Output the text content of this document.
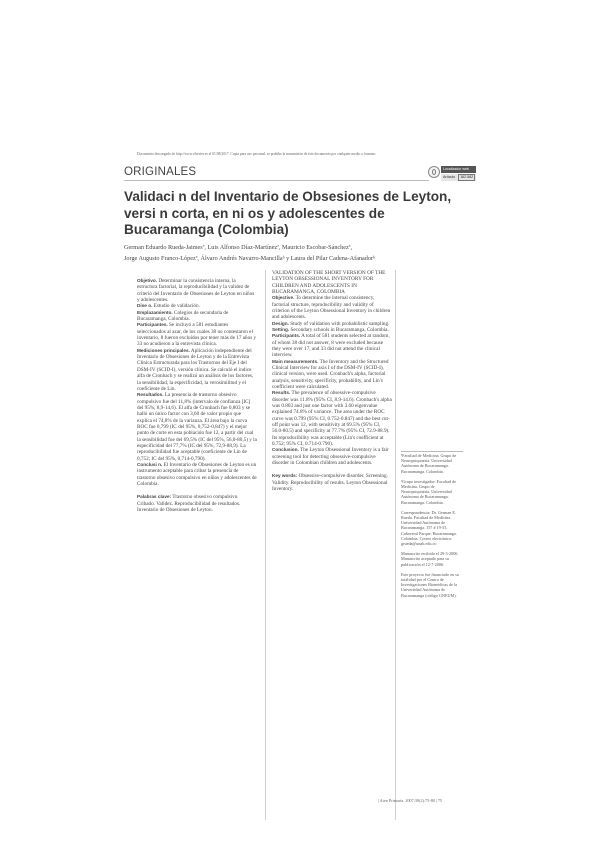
Documento descargado de http://www.elsevier.es el 01/08/2017. Copia para uso personal, se prohíbe la transmisión de este documento por cualquier medio o formato.
ORIGINALES	Localizador web
Artículo 162.582
Validaci n del Inventario de Obsesiones de Leyton, versi n corta, en ni os y adolescentes de Bucaramanga (Colombia)
German Eduardo Rueda-Jaimesª, Luis Alfonso Díaz-Martínezª, Mauricio Escobar-Sánchezª,
Jorge Augusto Franco-Lópezª, Álvaro Andrés Navarro-Mancillaᵇ y Laura del Pilar Cadena-Afanadorᵇ

Objetivo. Determinar la consistencia interna, la estructura factorial, la reproducibilidad y la validez de criterio del Inventario de Obsesiones de Leyton en niños y adolescentes.

Dise o. Estudio de validación.

Emplazamiento. Colegios de secundaria de Bucaramanga, Colombia.

Participantes. Se incluyó a 581 estudiantes seleccionados al azar, de los cuales 38 no contestaron el inventario, 8 fueron excluidos por tener más de 17 años y 33 no acudieron a la entrevista clínica.

Mediciones principales. Aplicación independiente del Inventario de Obsesiones de Leyton y de la Entrevista Clínica Estructurada para los Trastornos del Eje I del DSM-IV (SCID-I), versión clínica. Se calculó el índice alfa de Cronbach y se realizó un análisis de los factores, la sensibilidad, la especificidad, la verosimilitud y el coeficiente de Lin.

Resultados. La presencia de trastorno obsesivo compulsivo fue del 11,8% (intervalo de confianza [IC] del 95%, 8,9-14,6). El alfa de Cronbach fue 0,803 y se halló un único factor con 3,60 de valor propio que explica el 74,8% de la varianza. El área bajo la curva ROC fue 0,799 (IC del 95%, 0,752-0,847) y el mejor punto de corte en esta población fue 12, a partir del cual la sensibilidad fue del 69,5% (IC del 95%, 56,0-80,5) y la especificidad del 77,7% (IC del 95%, 72,9-88,9). La reproducibilidad fue aceptable (coeficiente de Lin de 0,752; IC del 95%, 0,714-0,790).

Conclusi n. El Inventario de Obsesiones de Leyton es un instrumento aceptable para cribar la presencia de trastorno obsesivo compulsivo en niños y adolescentes de Colombia.

Palabras clave: Trastorno obsesivo compulsivo. Cribado. Validez. Reproducibilidad de resultados. Inventario de Obsesiones de Leyton.

VALIDATION OF THE SHORT VERSION OF THE LEYTON OBSESSIONAL INVENTORY FOR CHILDREN AND ADOLESCENTS IN BUCARAMANGA, COLOMBIA

Objective. To determine the internal consistency, factorial structure, reproducibility and validity of criterion of the Leyton Obsessional Inventory in children and adolescents.

Design. Study of validation with probabilistic sampling.

Setting. Secondary schools in Bucaramanga, Colombia.

Participants. A total of 581 students selected at random, of whom 38 did not answer, 8 were excluded because they were over 17, and 33 did not attend the clinical interview.

Main measurements. The Inventory and the Structured Clinical Interview for axis I of the DSM-IV (SCID-I), clinical version, were used. Cronbach's alpha, factorial analysis, sensitivity, specificity, probability, and Lin's coefficient were calculated.

Results. The prevalence of obsessive-compulsive disorder was 11.8% (95% CI, 8.9-14.6). Cronbach's alpha was 0.803 and just one factor with 3.60 eigenvalue explained 74.8% of variance. The area under the ROC curve was 0.799 (95% CI, 0.752-0.847) and the best cut-off point was 12, with sensitivity at 69.5% (95% CI, 56.0-80.5) and specificity at 77.7% (95% CI, 72.9-88.9). Its reproducibility was acceptable (Lin's coefficient at 0.752; 95% CI, 0.714-0.790).

Conclusion. The Leyton Obsessional Inventory is a fair screening tool for detecting obsessive-compulsive disorder in Colombian children and adolescents.

Key words: Obsessive-compulsive disorder. Screening. Validity. Reproducibility of results. Leyton Obsessional Inventory.

ªFacultad de Medicina. Grupo de Neuropsiquiatría. Universidad Autónoma de Bucaramanga. Bucaramanga. Colombia.

ᵇGrupo investigador. Facultad de Medicina. Grupo de Neuropsiquiatría. Universidad Autónoma de Bucaramanga. Bucaramanga. Colombia.

Correspondencia: Dr. German E. Rueda. Facultad de Medicina. Universidad Autónoma de Bucaramanga. 157 # 19-55, Cañaveral Parque. Bucaramanga. Colombia. Correo electrónico: grueda@unab.edu.co

Manuscrito recibido el 29-3-2006. Manuscrito aceptado para su publicación el 12-7-2006.

Este proyecto fue financiado en su totalidad por el Centro de Investigaciones Biomédicas de la Universidad Autónoma de Bucaramanga (código GNEUM).

| Aten Primaria. 2007;39(2):75-80 | 75
